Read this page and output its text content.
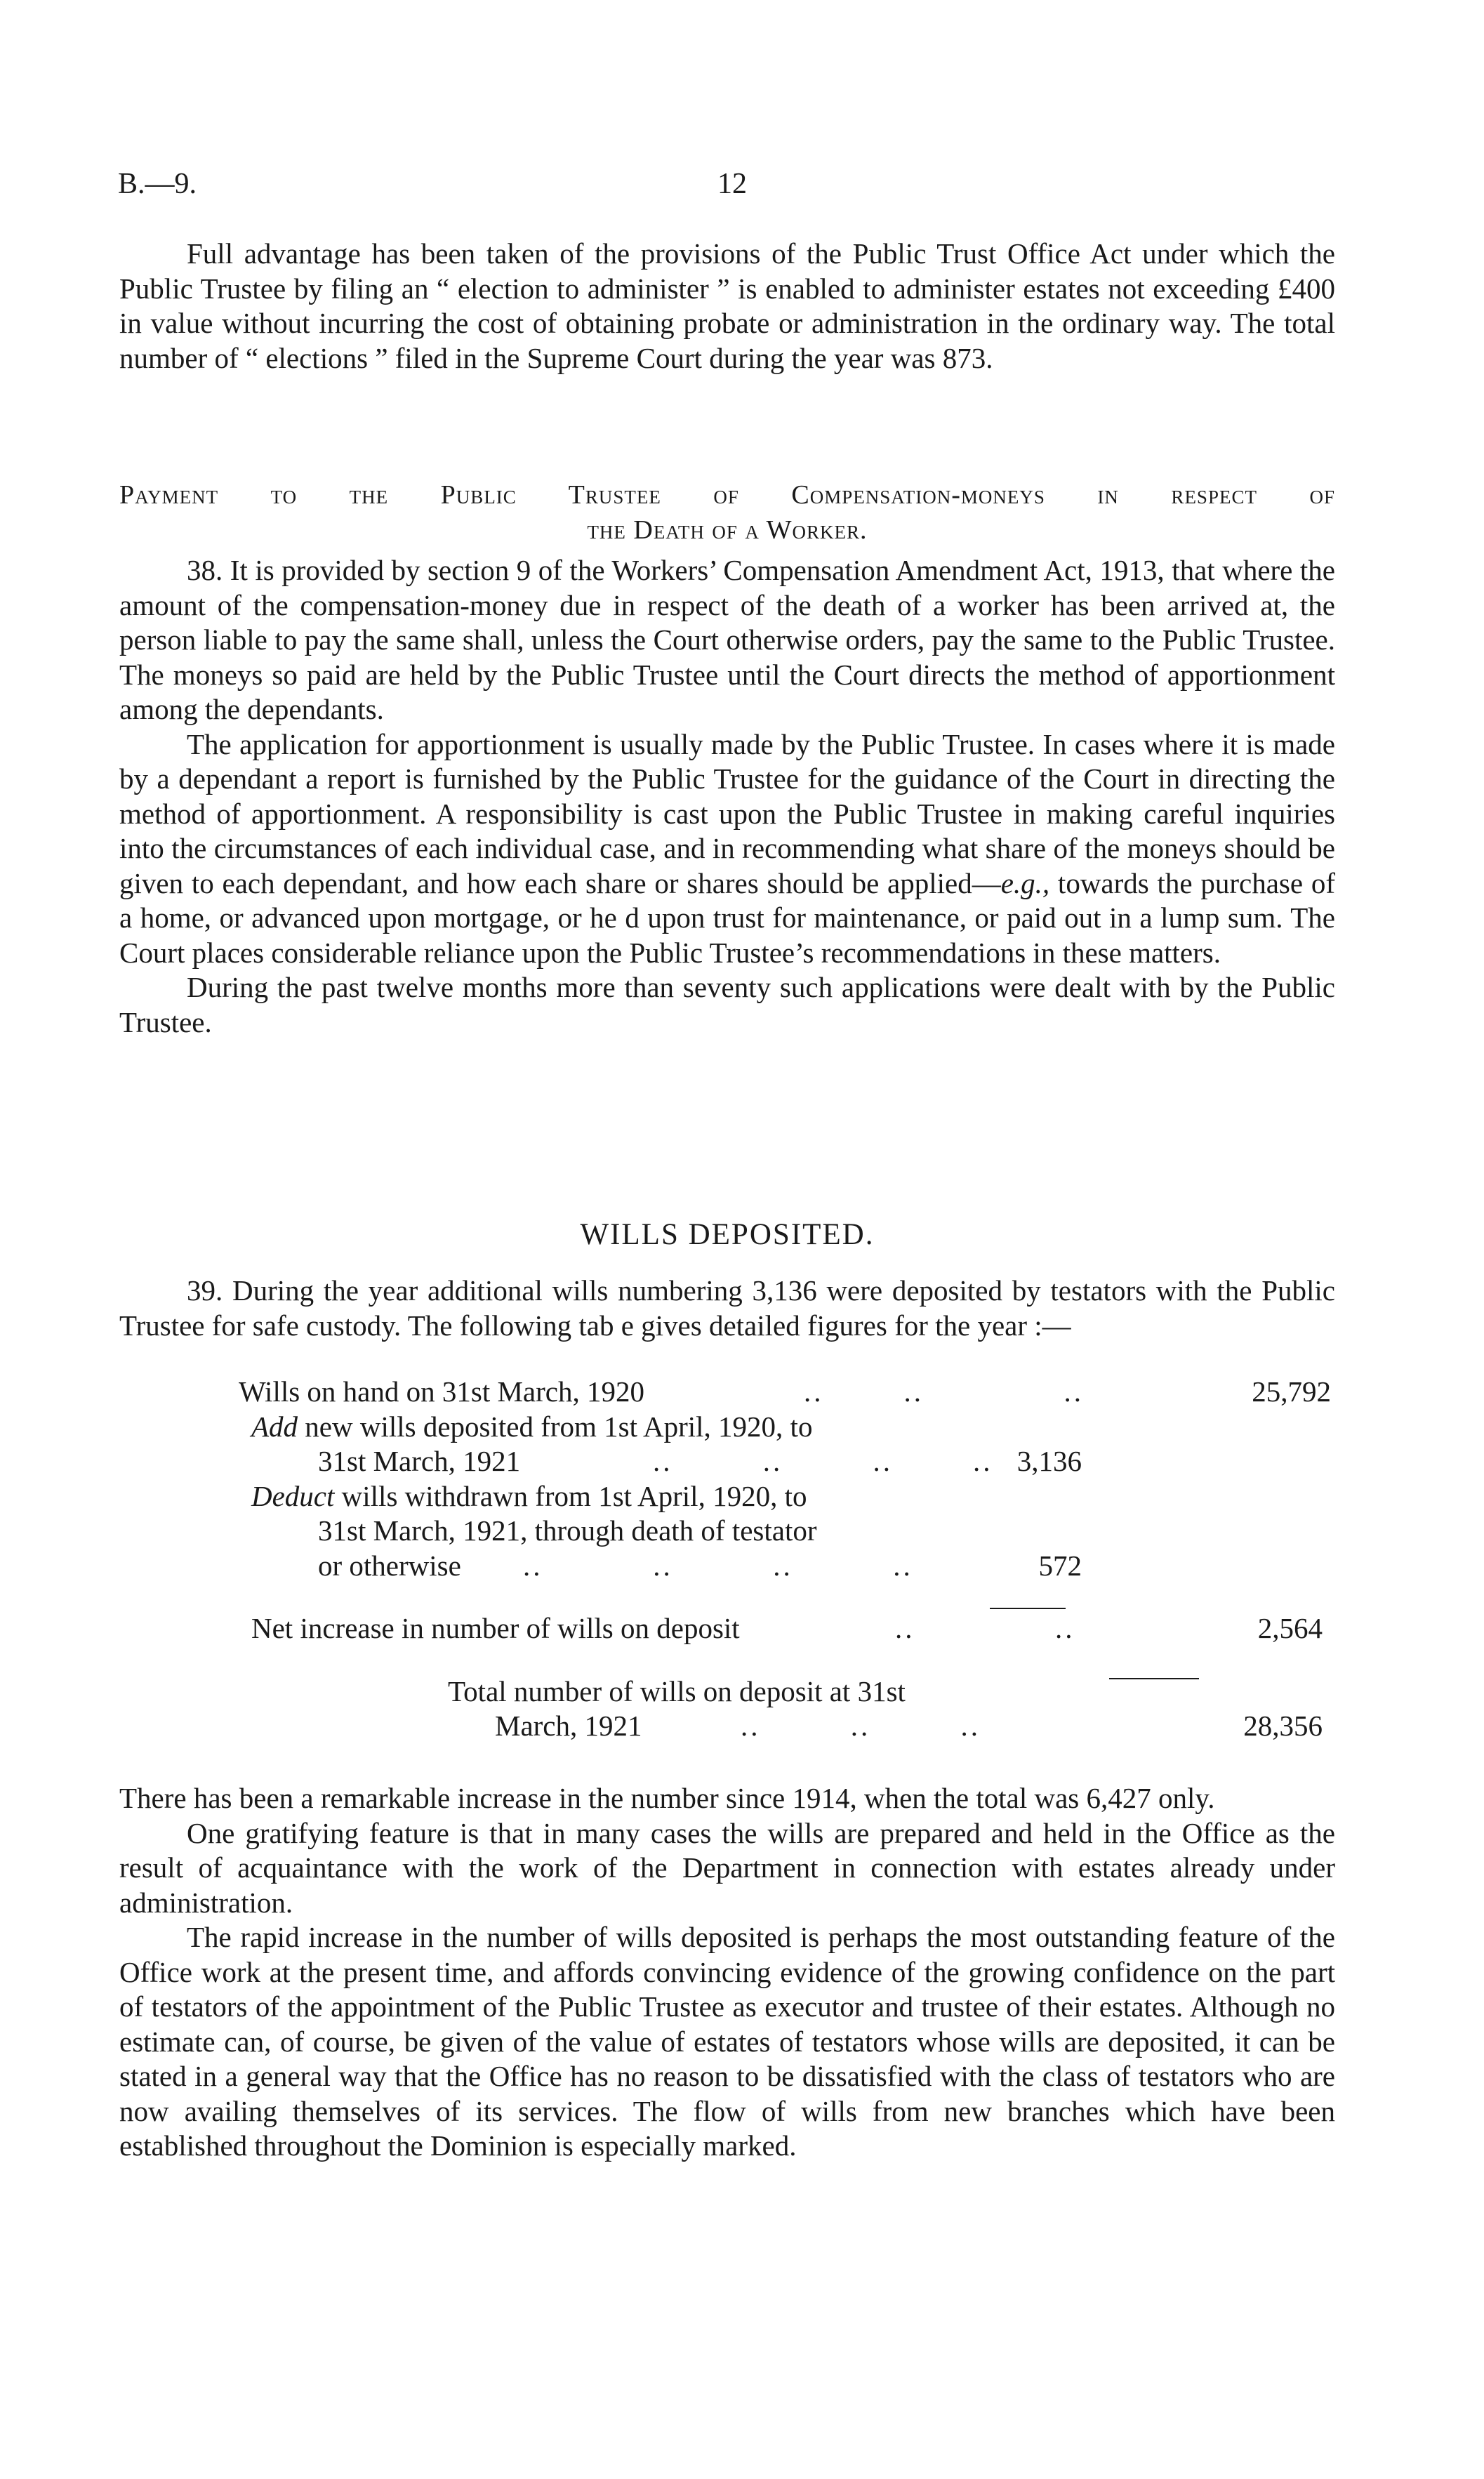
B.—9.	12

Full advantage has been taken of the provisions of the Public Trust Office Act under which the Public Trustee by filing an “ election to administer ” is enabled to administer estates not exceeding £400 in value without incurring the cost of obtaining probate or administration in the ordinary way. The total number of “ elections ” filed in the Supreme Court during the year was 873.

Payment to the Public Trustee of Compensation-moneys in respect of
the Death of a Worker.

38. It is provided by section 9 of the Workers’ Compensation Amendment Act, 1913, that where the amount of the compensation-money due in respect of the death of a worker has been arrived at, the person liable to pay the same shall, unless the Court otherwise orders, pay the same to the Public Trustee. The moneys so paid are held by the Public Trustee until the Court directs the method of apportionment among the dependants.

The application for apportionment is usually made by the Public Trustee. In cases where it is made by a dependant a report is furnished by the Public Trustee for the guidance of the Court in directing the method of apportionment. A responsibility is cast upon the Public Trustee in making careful inquiries into the circumstances of each individual case, and in recommending what share of the moneys should be given to each dependant, and how each share or shares should be applied—e.g., towards the purchase of a home, or advanced upon mortgage, or he d upon trust for maintenance, or paid out in a lump sum. The Court places considerable reliance upon the Public Trustee’s recommendations in these matters.

During the past twelve months more than seventy such applications were dealt with by the Public Trustee.

WILLS DEPOSITED.

39. During the year additional wills numbering 3,136 were deposited by testators with the Public Trustee for safe custody. The following tab e gives detailed figures for the year :—

Wills on hand on 31st March, 1920	..        ..              ..	25,792
Add new wills deposited from 1st April, 1920, to
31st March, 1921	..         ..         ..        .. 3,136
Deduct wills withdrawn from 1st April, 1920, to
31st March, 1921, through death of testator
or otherwise ..           ..          ..          ..	572
Net increase in number of wills on deposit	..              ..	2,564
Total number of wills on deposit at 31st
March, 1921	..         ..         ..	28,356

There has been a remarkable increase in the number since 1914, when the total was 6,427 only.

One gratifying feature is that in many cases the wills are prepared and held in the Office as the result of acquaintance with the work of the Department in connection with estates already under administration.

The rapid increase in the number of wills deposited is perhaps the most outstanding feature of the Office work at the present time, and affords convincing evidence of the growing confidence on the part of testators of the appointment of the Public Trustee as executor and trustee of their estates. Although no estimate can, of course, be given of the value of estates of testators whose wills are deposited, it can be stated in a general way that the Office has no reason to be dissatisfied with the class of testators who are now availing themselves of its services. The flow of wills from new branches which have been established throughout the Dominion is especially marked.
